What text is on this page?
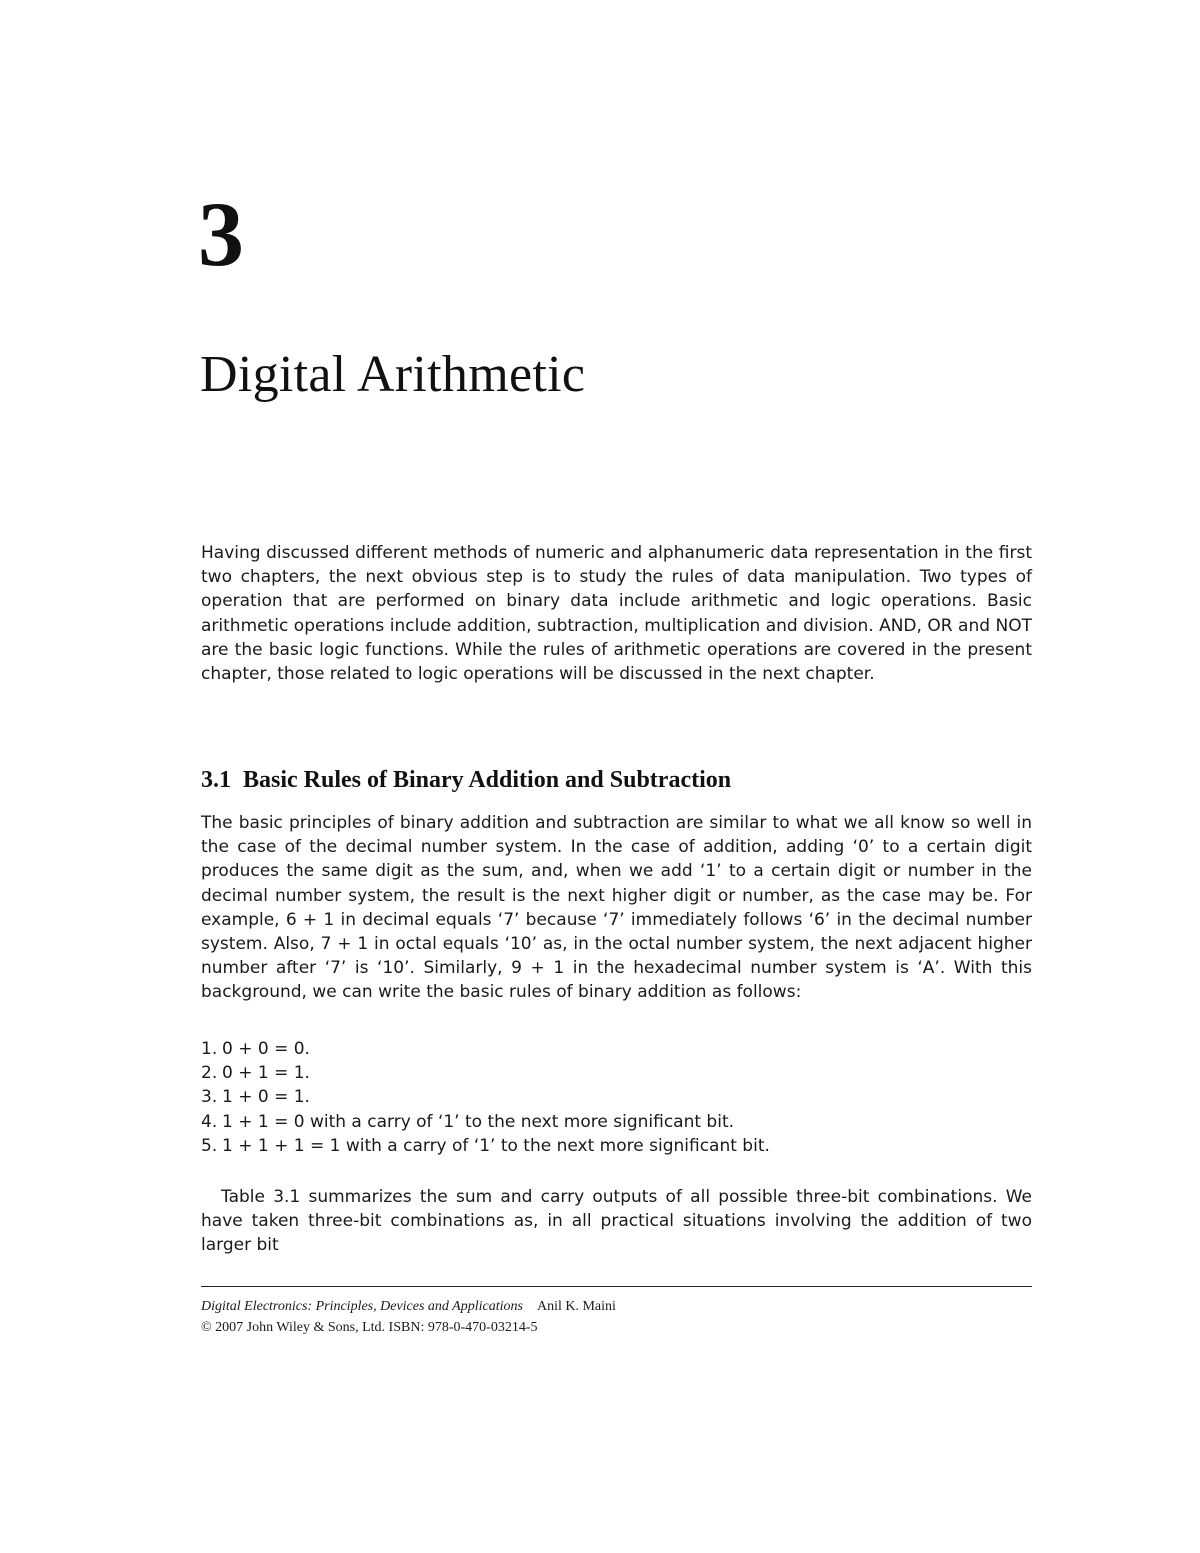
3
Digital Arithmetic

Having discussed different methods of numeric and alphanumeric data representation in the first two chapters, the next obvious step is to study the rules of data manipulation. Two types of operation that are performed on binary data include arithmetic and logic operations. Basic arithmetic operations include addition, subtraction, multiplication and division. AND, OR and NOT are the basic logic functions. While the rules of arithmetic operations are covered in the present chapter, those related to logic operations will be discussed in the next chapter.

3.1 Basic Rules of Binary Addition and Subtraction

The basic principles of binary addition and subtraction are similar to what we all know so well in the case of the decimal number system. In the case of addition, adding ‘0’ to a certain digit produces the same digit as the sum, and, when we add ‘1’ to a certain digit or number in the decimal number system, the result is the next higher digit or number, as the case may be. For example, 6 + 1 in decimal equals ‘7’ because ‘7’ immediately follows ‘6’ in the decimal number system. Also, 7 + 1 in octal equals ‘10’ as, in the octal number system, the next adjacent higher number after ‘7’ is ‘10’. Similarly, 9 + 1 in the hexadecimal number system is ‘A’. With this background, we can write the basic rules of binary addition as follows:

1. 0 + 0 = 0.
2. 0 + 1 = 1.
3. 1 + 0 = 1.
4. 1 + 1 = 0 with a carry of ‘1’ to the next more significant bit.
5. 1 + 1 + 1 = 1 with a carry of ‘1’ to the next more significant bit.

Table 3.1 summarizes the sum and carry outputs of all possible three-bit combinations. We have taken three-bit combinations as, in all practical situations involving the addition of two larger bit

Digital Electronics: Principles, Devices and Applications Anil K. Maini
© 2007 John Wiley & Sons, Ltd. ISBN: 978-0-470-03214-5
